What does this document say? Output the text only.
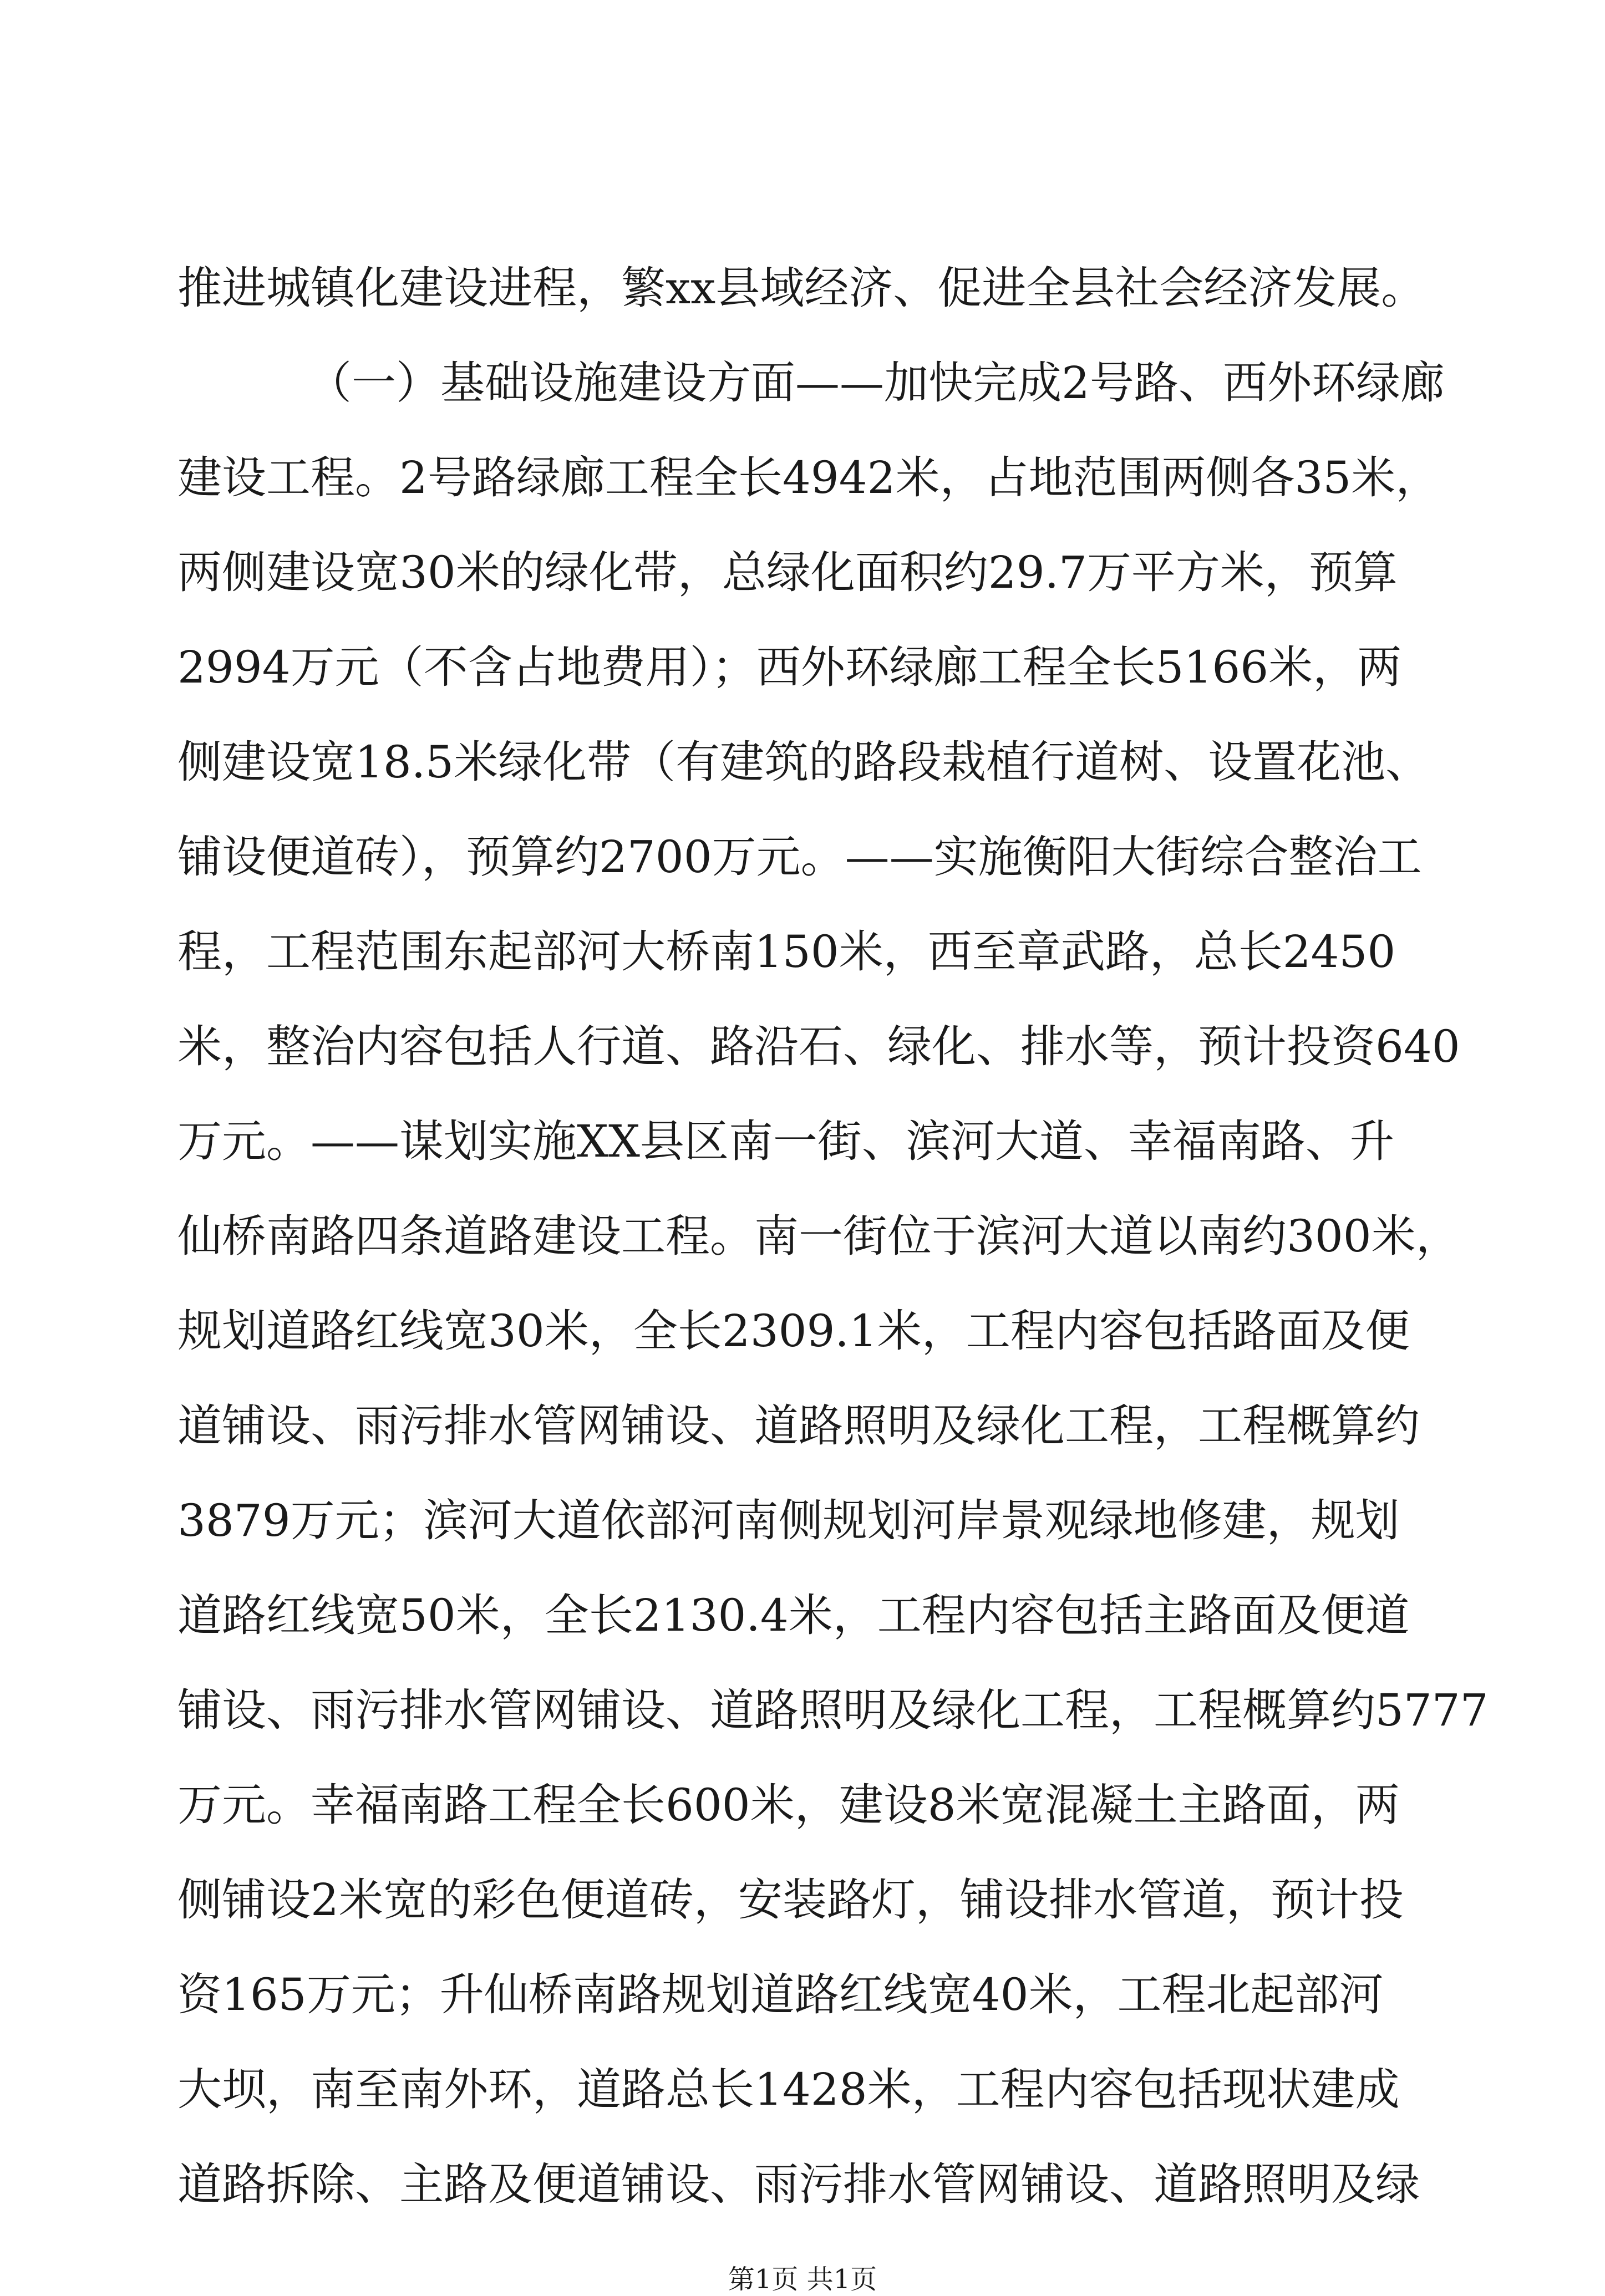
推进城镇化建设进程，繁xx县域经济、促进全县社会经济发展。
（一）基础设施建设方面——加快完成2号路、西外环绿廊
建设工程。2号路绿廊工程全长4942米，占地范围两侧各35米，
两侧建设宽30米的绿化带，总绿化面积约29.7万平方米，预算
2994万元（不含占地费用）；西外环绿廊工程全长5166米，两
侧建设宽18.5米绿化带（有建筑的路段栽植行道树、设置花池、
铺设便道砖），预算约2700万元。——实施衡阳大街综合整治工
程，工程范围东起部河大桥南150米，西至章武路，总长2450
米，整治内容包括人行道、路沿石、绿化、排水等，预计投资640
万元。——谋划实施XX县区南一街、滨河大道、幸福南路、升
仙桥南路四条道路建设工程。南一街位于滨河大道以南约300米，
规划道路红线宽30米，全长2309.1米，工程内容包括路面及便
道铺设、雨污排水管网铺设、道路照明及绿化工程，工程概算约
3879万元；滨河大道依部河南侧规划河岸景观绿地修建，规划
道路红线宽50米，全长2130.4米，工程内容包括主路面及便道
铺设、雨污排水管网铺设、道路照明及绿化工程，工程概算约5777
万元。幸福南路工程全长600米，建设8米宽混凝土主路面，两
侧铺设2米宽的彩色便道砖，安装路灯，铺设排水管道，预计投
资165万元；升仙桥南路规划道路红线宽40米，工程北起部河
大坝，南至南外环，道路总长1428米，工程内容包括现状建成
道路拆除、主路及便道铺设、雨污排水管网铺设、道路照明及绿
第1页 共1页
